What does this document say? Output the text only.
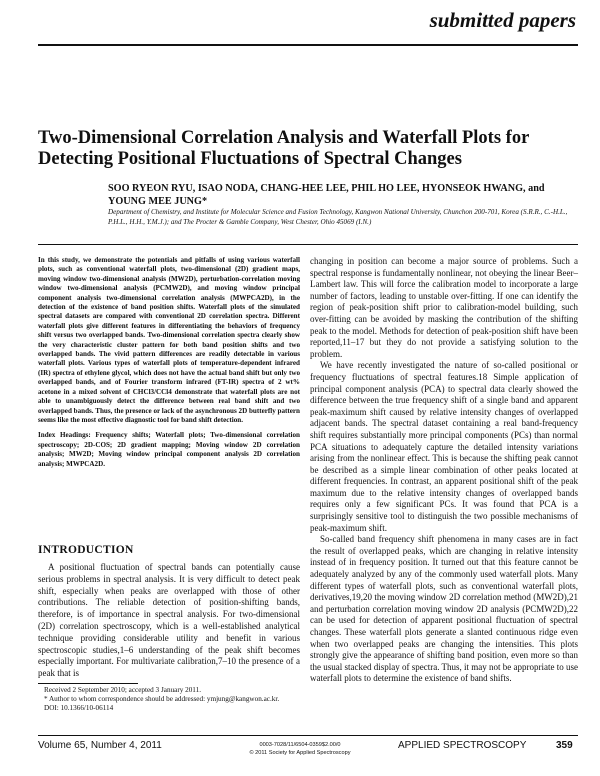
submitted papers
Two-Dimensional Correlation Analysis and Waterfall Plots for Detecting Positional Fluctuations of Spectral Changes
SOO RYEON RYU, ISAO NODA, CHANG-HEE LEE, PHIL HO LEE, HYONSEOK HWANG, and YOUNG MEE JUNG*
Department of Chemistry, and Institute for Molecular Science and Fusion Technology, Kangwon National University, Chunchon 200-701, Korea (S.R.R., C.-H.L., P.H.L., H.H., Y.M.J.); and The Procter & Gamble Company, West Chester, Ohio 45069 (I.N.)

In this study, we demonstrate the potentials and pitfalls of using various waterfall plots, such as conventional waterfall plots, two-dimensional (2D) gradient maps, moving window two-dimensional analysis (MW2D), perturbation-correlation moving window two-dimensional analysis (PCMW2D), and moving window principal component analysis two-dimensional correlation analysis (MWPCA2D), in the detection of the existence of band position shifts. Waterfall plots of the simulated spectral datasets are compared with conventional 2D correlation spectra. Different waterfall plots give different features in differentiating the behaviors of frequency shift versus two overlapped bands. Two-dimensional correlation spectra clearly show the very characteristic cluster pattern for both band position shifts and two overlapped bands. The vivid pattern differences are readily detectable in various waterfall plots. Various types of waterfall plots of temperature-dependent infrared (IR) spectra of ethylene glycol, which does not have the actual band shift but only two overlapped bands, and of Fourier transform infrared (FT-IR) spectra of 2 wt% acetone in a mixed solvent of CHCl3/CCl4 demonstrate that waterfall plots are not able to unambiguously detect the difference between real band shift and two overlapped bands. Thus, the presence or lack of the asynchronous 2D butterfly pattern seems like the most effective diagnostic tool for band shift detection.

Index Headings: Frequency shifts; Waterfall plots; Two-dimensional correlation spectroscopy; 2D-COS; 2D gradient mapping; Moving window 2D correlation analysis; MW2D; Moving window principal component analysis 2D correlation analysis; MWPCA2D.

INTRODUCTION

A positional fluctuation of spectral bands can potentially cause serious problems in spectral analysis. It is very difficult to detect peak shift, especially when peaks are overlapped with those of other contributions. The reliable detection of position-shifting bands, therefore, is of importance in spectral analysis. For two-dimensional (2D) correlation spectroscopy, which is a well-established analytical technique providing considerable utility and benefit in various spectroscopic studies,1–6 understanding of the peak shift becomes especially important. For multivariate calibration,7–10 the presence of a peak that is

changing in position can become a major source of problems. Such a spectral response is fundamentally nonlinear, not obeying the linear Beer–Lambert law. This will force the calibration model to incorporate a large number of factors, leading to unstable over-fitting. If one can identify the region of peak-position shift prior to calibration-model building, such over-fitting can be avoided by masking the contribution of the shifting peak to the model. Methods for detection of peak-position shift have been reported,11–17 but they do not provide a satisfying solution to the problem.

We have recently investigated the nature of so-called positional or frequency fluctuations of spectral features.18 Simple application of principal component analysis (PCA) to spectral data clearly showed the difference between the true frequency shift of a single band and apparent peak-maximum shift caused by relative intensity changes of overlapped adjacent bands. The spectral dataset containing a real band-frequency shift requires substantially more principal components (PCs) than normal PCA situations to adequately capture the detailed intensity variations arising from the nonlinear effect. This is because the shifting peak cannot be described as a simple linear combination of other peaks located at different frequencies. In contrast, an apparent positional shift of the peak maximum due to the relative intensity changes of overlapped bands requires only a few significant PCs. It was found that PCA is a surprisingly sensitive tool to distinguish the two possible mechanisms of peak-maximum shift.

So-called band frequency shift phenomena in many cases are in fact the result of overlapped peaks, which are changing in relative intensity instead of in frequency position. It turned out that this feature cannot be adequately analyzed by any of the commonly used waterfall plots. Many different types of waterfall plots, such as conventional waterfall plots, derivatives,19,20 the moving window 2D correlation method (MW2D),21 and perturbation correlation moving window 2D analysis (PCMW2D),22 can be used for detection of apparent positional fluctuation of spectral changes. These waterfall plots generate a slanted continuous ridge even when two overlapped peaks are changing the intensities. This plots strongly give the appearance of shifting band position, even more so than the usual stacked display of spectra. Thus, it may not be appropriate to use waterfall plots to determine the existence of band shifts.

Received 2 September 2010; accepted 3 January 2011.
* Author to whom correspondence should be addressed: ymjung@kangwon.ac.kr.
DOI: 10.1366/10-06114
Volume 65, Number 4, 2011	0003-7028/11/6504-0359$2.00/0
© 2011 Society for Applied Spectroscopy
APPLIED SPECTROSCOPY	359
